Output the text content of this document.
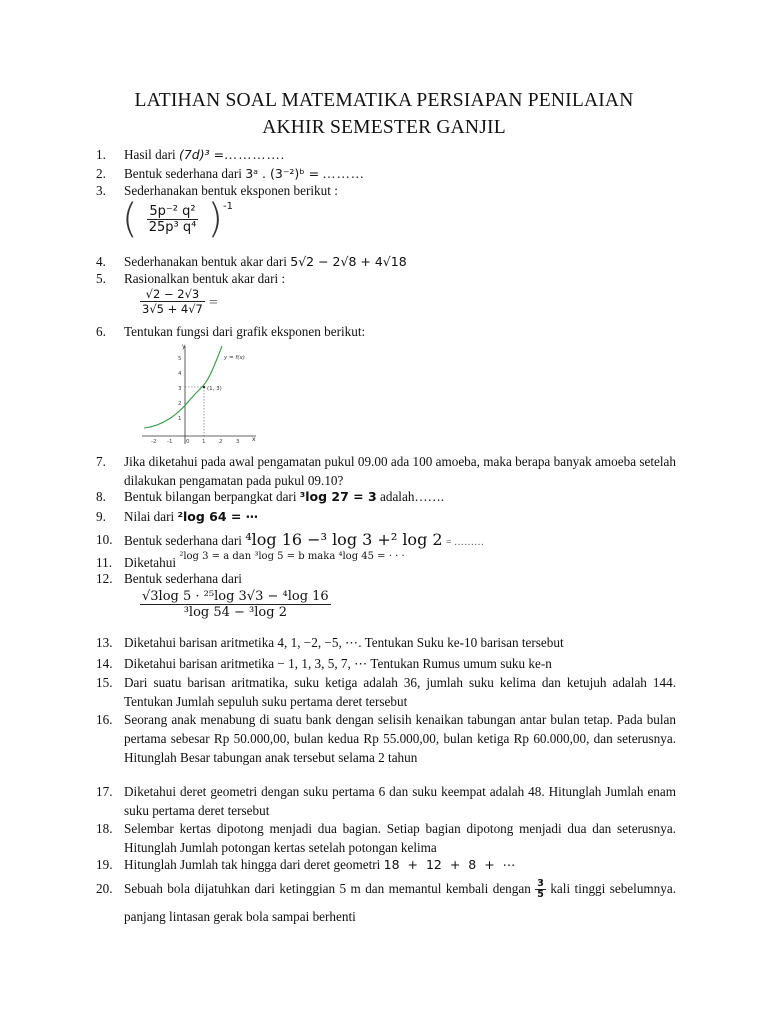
LATIHAN SOAL MATEMATIKA PERSIAPAN PENILAIAN
AKHIR SEMESTER GANJIL
1.	Hasil dari (7d)³ =………….
2.	Bentuk sederhana dari 3ᵃ . (3⁻²)ᵇ = ………
3.	Sederhanakan bentuk eksponen berikut :
( $\frac{\text{5p⁻² q²}}{\text{25p³ q⁴}} )^{-1}$
4.	Sederhanakan bentuk akar dari 5√2 − 2√8 + 4√18
5.	Rasionalkan bentuk akar dari :
$\frac{√2 - 2√3}{3√5 + 4√7}$ =
6.	Tentukan fungsi dari grafik eksponen berikut:
y
x
5
4
3
2
1
-2 -1 0 1 2 3
(1, 3)
y = f(x)
7.	Jika diketahui pada awal pengamatan pukul 09.00 ada 100 amoeba, maka berapa banyak amoeba setelah dilakukan pengamatan pada pukul 09.10?
8.	Bentuk bilangan berpangkat dari ³log 27 = 3 adalah…….
9.	Nilai dari ²log 64 = ⋯
10. Bentuk sederhana dari ⁴log 16 −³ log 3 +² log 2 = ………
11. Diketahui $^{^2log 3 = a dan ^3log 5 = b maka ^4log 45 = \cdot \cdot \cdot}$
12. Bentuk sederhana dari
$\frac{\text{√3log 5 · ²⁵log 3√3 − ⁴log 16}}{\text{³log 54 − ³log 2}}$
13. Diketahui barisan aritmetika 4, 1, −2, −5, ⋯. Tentukan Suku ke-10 barisan tersebut
14. Diketahui barisan aritmetika − 1, 1, 3, 5, 7, ⋯ Tentukan Rumus umum suku ke-n
15. Dari suatu barisan aritmatika, suku ketiga adalah 36, jumlah suku kelima dan ketujuh adalah 144. Tentukan Jumlah sepuluh suku pertama deret tersebut
16. Seorang anak menabung di suatu bank dengan selisih kenaikan tabungan antar bulan tetap. Pada bulan pertama sebesar Rp 50.000,00, bulan kedua Rp 55.000,00, bulan ketiga Rp 60.000,00, dan seterusnya. Hitunglah Besar tabungan anak tersebut selama 2 tahun
17. Diketahui deret geometri dengan suku pertama 6 dan suku keempat adalah 48. Hitunglah Jumlah enam suku pertama deret tersebut
18. Selembar kertas dipotong menjadi dua bagian. Setiap bagian dipotong menjadi dua dan seterusnya. Hitunglah Jumlah potongan kertas setelah potongan kelima
19. Hitunglah Jumlah tak hingga dari deret geometri 18 + 12 + 8 + ⋯
20. Sebuah bola dijatuhkan dari ketinggian 5 m dan memantul kembali dengan $\frac{3}{5}$ kali tinggi sebelumnya. panjang lintasan gerak bola sampai berhenti
